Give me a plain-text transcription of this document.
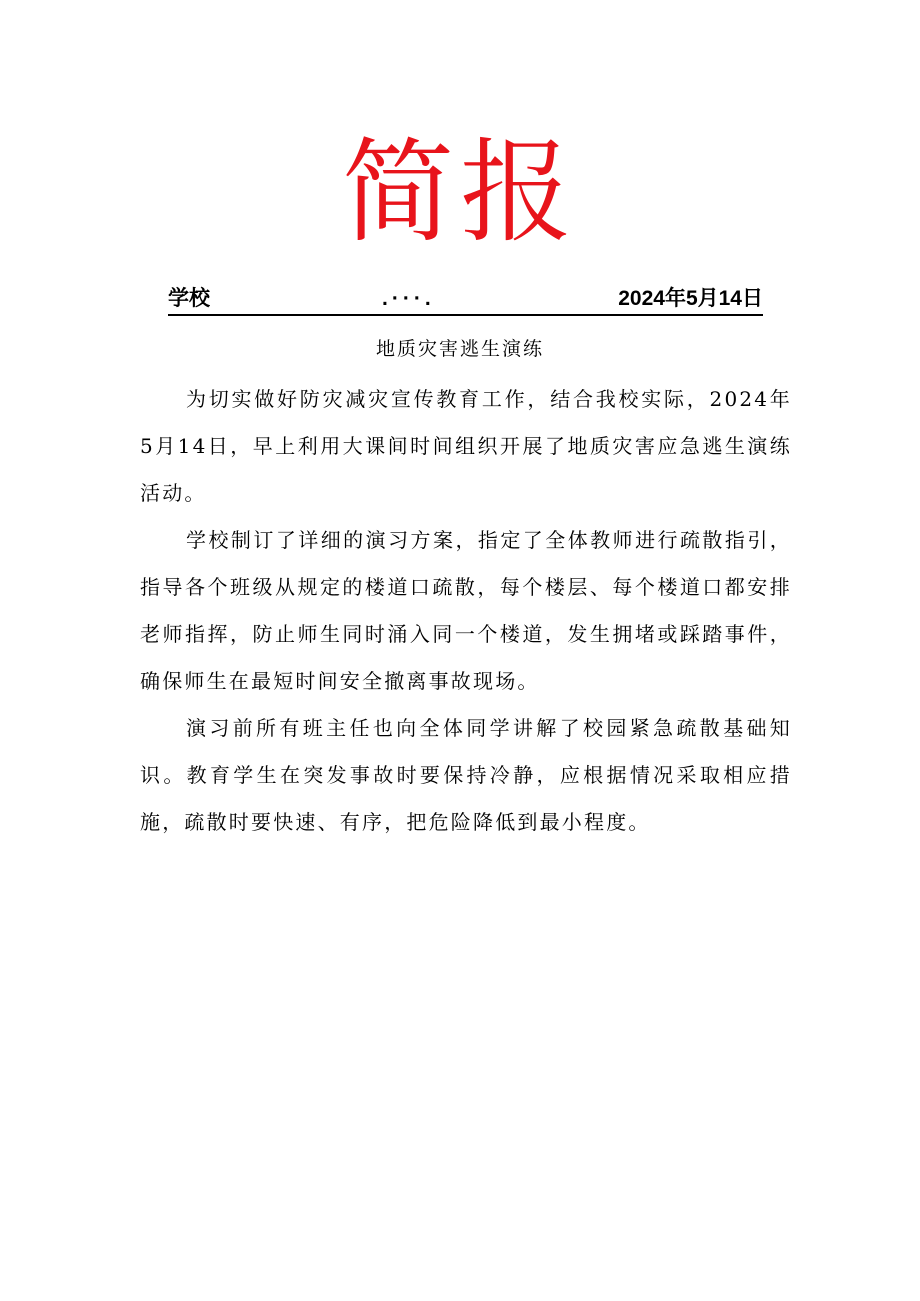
简报
学校	.···.	2024年5月14日
地质灾害逃生演练

为切实做好防灾减灾宣传教育工作，结合我校实际，2024年5月14日，早上利用大课间时间组织开展了地质灾害应急逃生演练活动。

学校制订了详细的演习方案，指定了全体教师进行疏散指引，指导各个班级从规定的楼道口疏散，每个楼层、每个楼道口都安排老师指挥，防止师生同时涌入同一个楼道，发生拥堵或踩踏事件，确保师生在最短时间安全撤离事故现场。

演习前所有班主任也向全体同学讲解了校园紧急疏散基础知识。教育学生在突发事故时要保持冷静，应根据情况采取相应措施，疏散时要快速、有序，把危险降低到最小程度。
